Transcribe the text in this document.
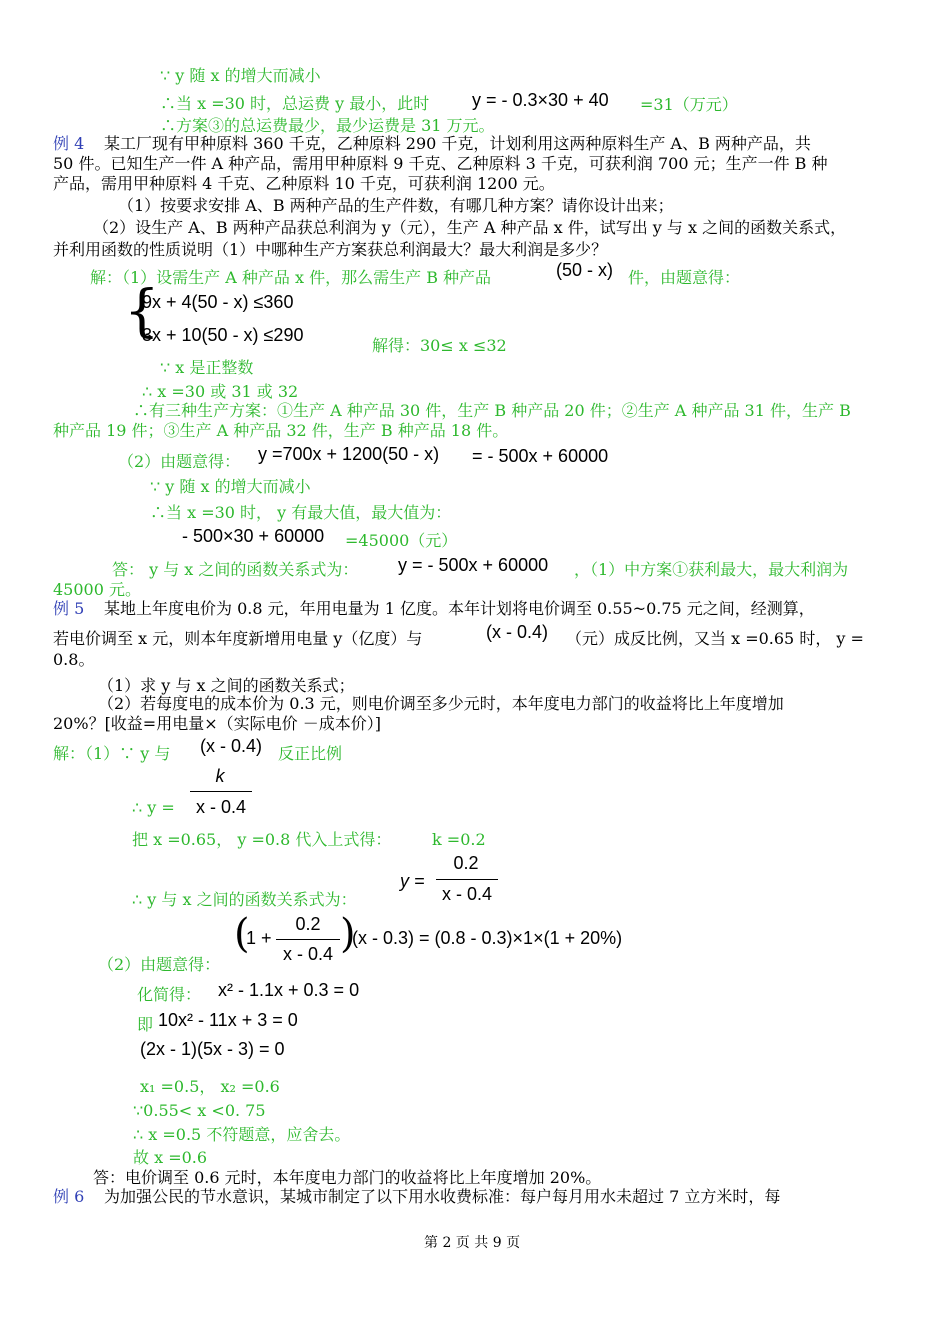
∵ y 随 x 的增大而减小
∴当 x =30 时，总运费 y 最小，此时 y = - 0.3×30 + 40 =31（万元）
∴方案③的总运费最少，最少运费是 31 万元。
例 4 某工厂现有甲种原料 360 千克，乙种原料 290 千克，计划利用这两种原料生产 A、B 两种产品，共
50 件。已知生产一件 A 种产品，需用甲种原料 9 千克、乙种原料 3 千克，可获利润 700 元；生产一件 B 种
产品，需用甲种原料 4 千克、乙种原料 10 千克，可获利润 1200 元。
（1）按要求安排 A、B 两种产品的生产件数，有哪几种方案？请你设计出来；
（2）设生产 A、B 两种产品获总利润为 y（元），生产 A 种产品 x 件，试写出 y 与 x 之间的函数关系式，
并利用函数的性质说明（1）中哪种生产方案获总利润最大？最大利润是多少？
解：（1）设需生产 A 种产品 x 件，那么需生产 B 种产品	(50 - x) 件，由题意得：
{
9x + 4(50 - x) ≤360
3x + 10(50 - x) ≤290
解得：30≤ x ≤32
∵ x 是正整数
∴ x =30 或 31 或 32
∴有三种生产方案：①生产 A 种产品 30 件，生产 B 种产品 20 件；②生产 A 种产品 31 件，生产 B
种产品 19 件；③生产 A 种产品 32 件，生产 B 种产品 18 件。
（2）由题意得： y =700x + 1200(50 - x) = - 500x + 60000
∵ y 随 x 的增大而减小
∴当 x =30 时， y 有最大值，最大值为：
- 500×30 + 60000 =45000（元）
答： y 与 x 之间的函数关系式为： y = - 500x + 60000 ，（1）中方案①获利最大，最大利润为
45000 元。
例 5 某地上年度电价为 0.8 元，年用电量为 1 亿度。本年计划将电价调至 0.55~0.75 元之间，经测算，
若电价调至 x 元，则本年度新增用电量 y（亿度）与	(x - 0.4) （元）成反比例，又当 x =0.65 时， y =
0.8。
（1）求 y 与 x 之间的函数关系式；
（2）若每度电的成本价为 0.3 元，则电价调至多少元时，本年度电力部门的收益将比上年度增加
20%？[收益=用电量×（实际电价 －成本价）]
解：（1）∵ y 与 (x - 0.4) 反正比例
k
∴ y =	x - 0.4
把 x =0.65， y =0.8 代入上式得：	k =0.2
y =
0.2
x - 0.4
∴ y 与 x 之间的函数关系式为：
(
1 +
0.2
x - 0.4 )
(x - 0.3) = (0.8 - 0.3)×1×(1 + 20%)
（2）由题意得：
化简得： x² - 1.1x + 0.3 = 0
即 10x² - 11x + 3 = 0
(2x - 1)(5x - 3) = 0
x₁ =0.5， x₂ =0.6
∵0.55< x <0. 75
∴ x =0.5 不符题意，应舍去。
故 x =0.6
答：电价调至 0.6 元时，本年度电力部门的收益将比上年度增加 20%。
例 6 为加强公民的节水意识，某城市制定了以下用水收费标准：每户每月用水未超过 7 立方米时，每
第 2 页 共 9 页
